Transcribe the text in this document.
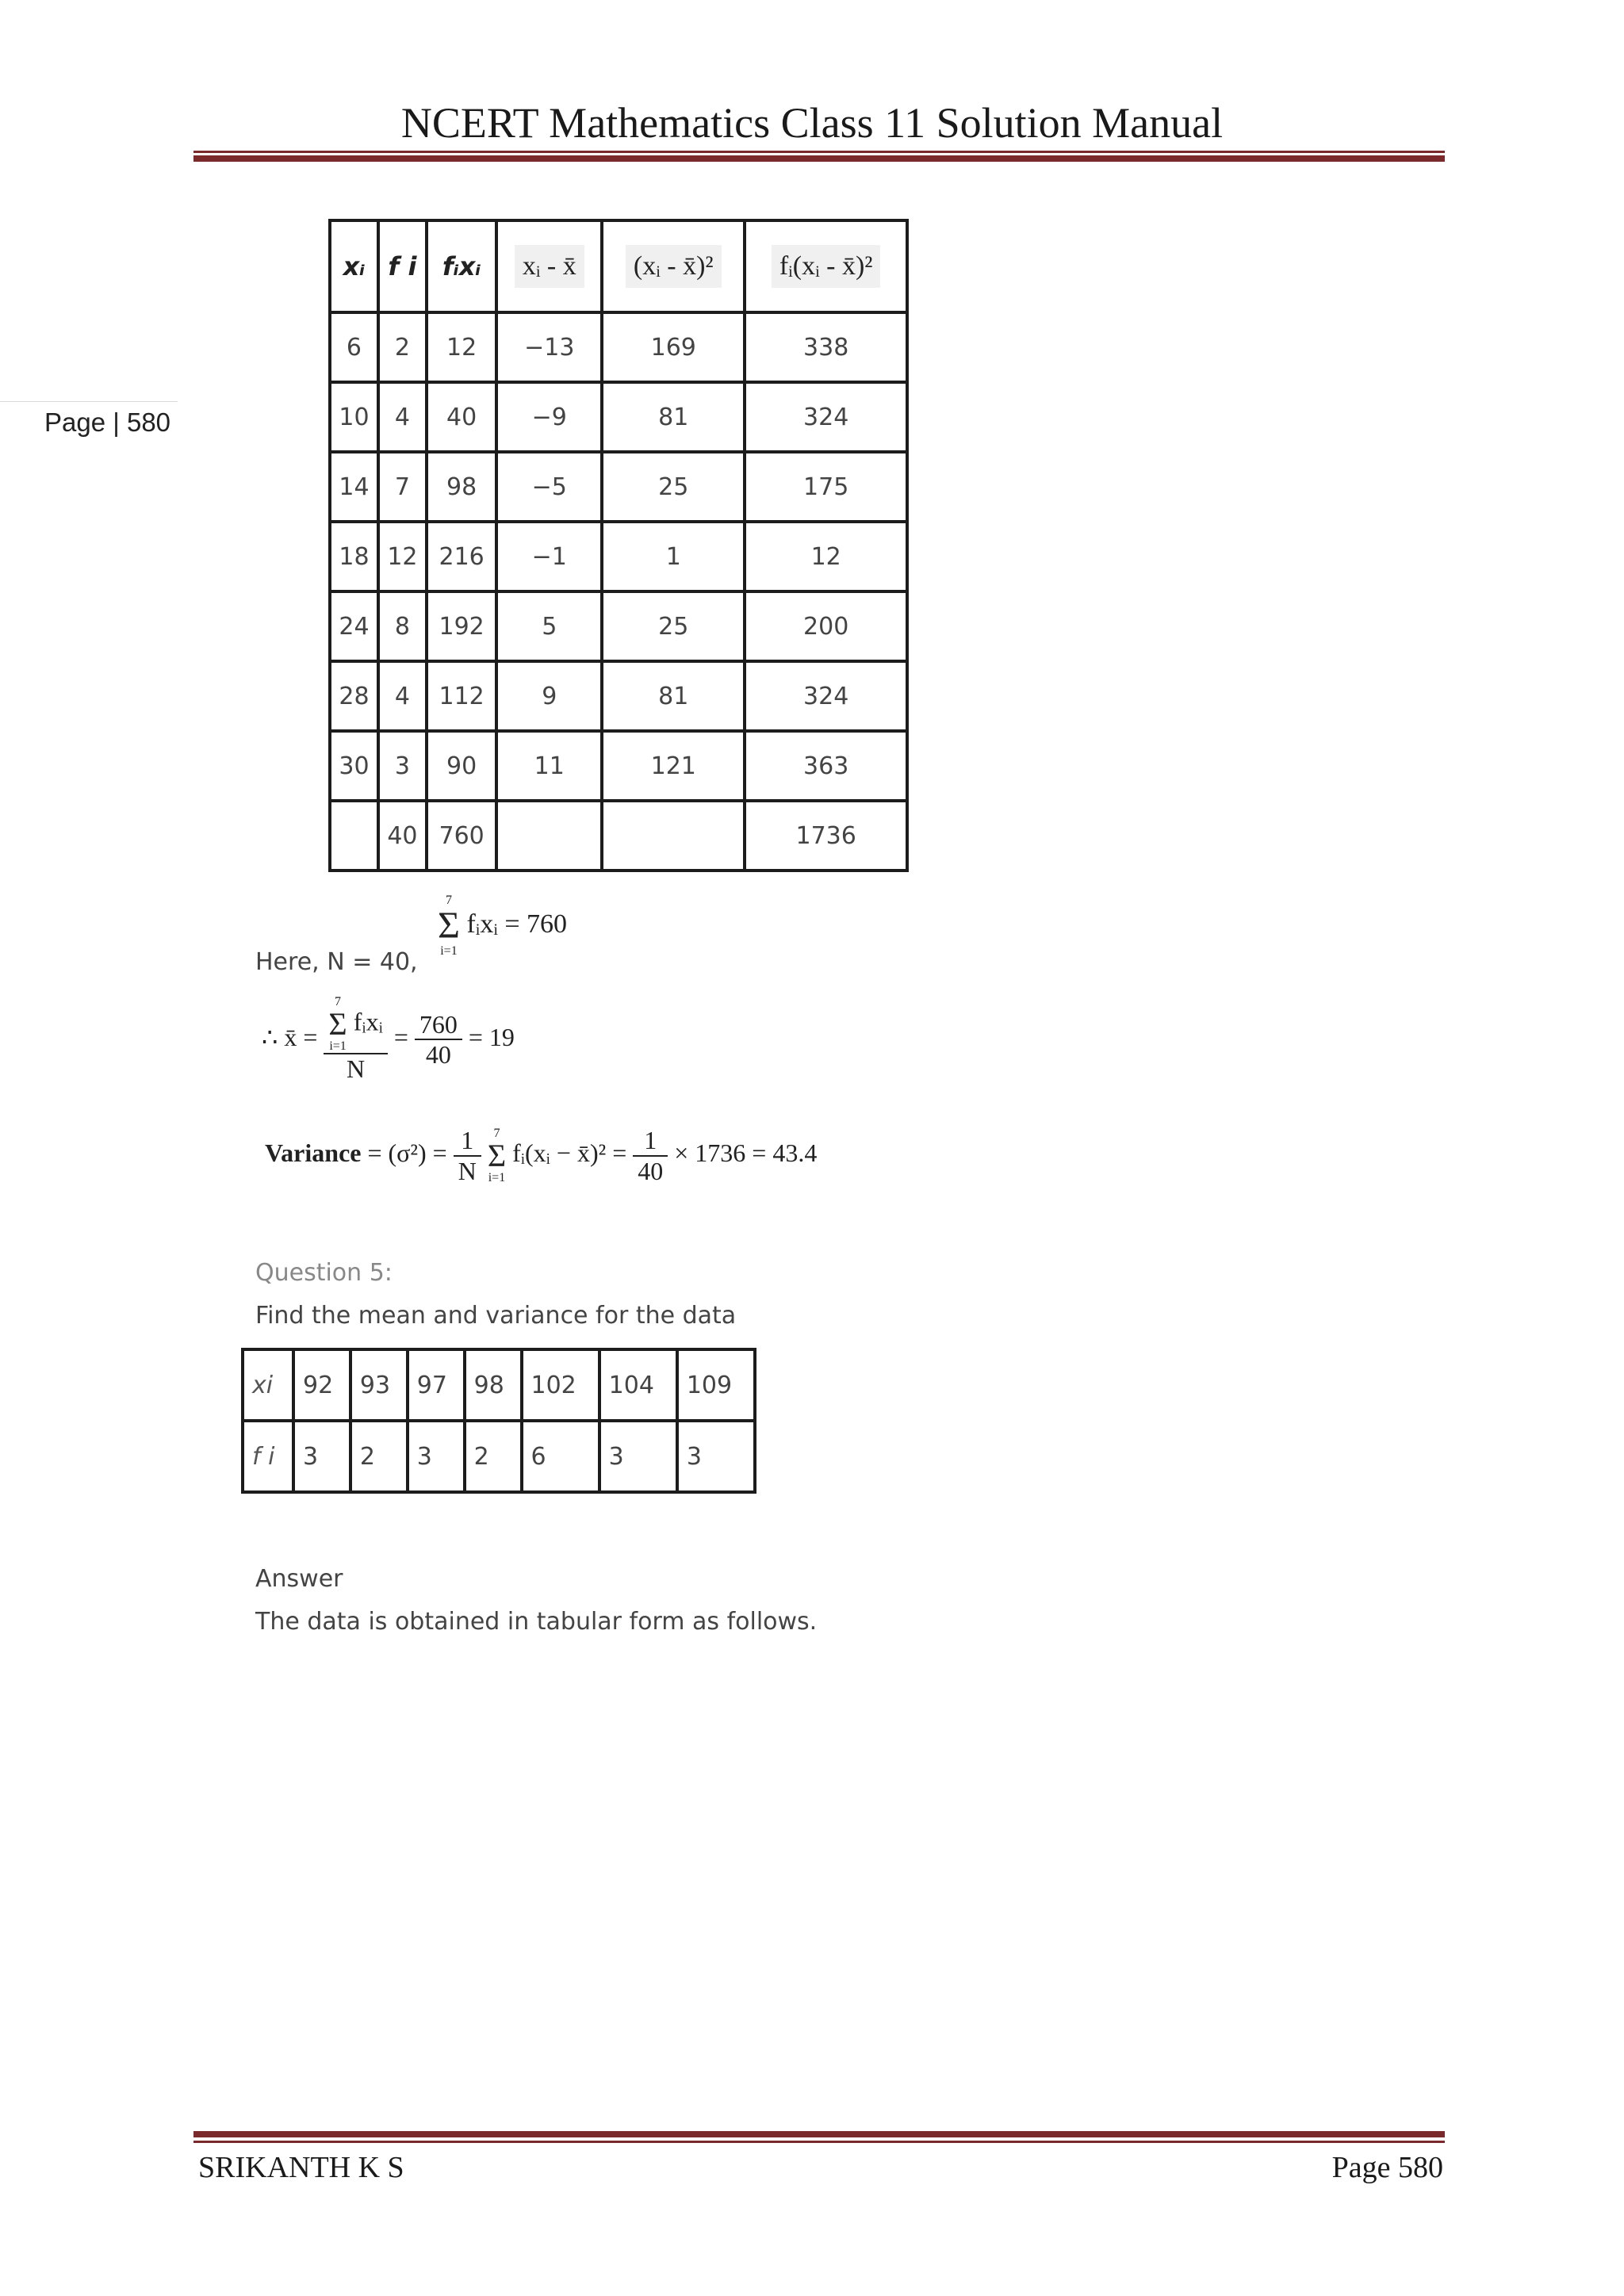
NCERT Mathematics Class 11 Solution Manual
Page | 580
xᵢ	f i	fᵢxᵢ	xᵢ - x̄	(xᵢ - x̄)²	fᵢ(xᵢ - x̄)²
6	2	12	−13	169	338
10	4	40	−9	81	324
14	7	98	−5	25	175
18	12	216	−1	1	12
24	8	192	5	25	200
28	4	112	9	81	324
30	3	90	11	121	363
	40	760			1736
Here, N = 40,
7
Σ
i=1
fᵢxᵢ = 760
∴ x̄ = 7
Σ
i=1
fᵢxᵢ
$N = \frac{760}{40} = 19$
Variance = $(\sigma^2) = \frac{1}{N}$
7
Σ
i=1
fᵢ(xᵢ − x̄)² = $\frac{1}{40} \times 1736 = 43.4$
Question 5:
Find the mean and variance for the data
xi	92	93	97	98	102	104	109
f i	3	2	3	2	6	3	3
Answer
The data is obtained in tabular form as follows.
SRIKANTH K S	Page 580
